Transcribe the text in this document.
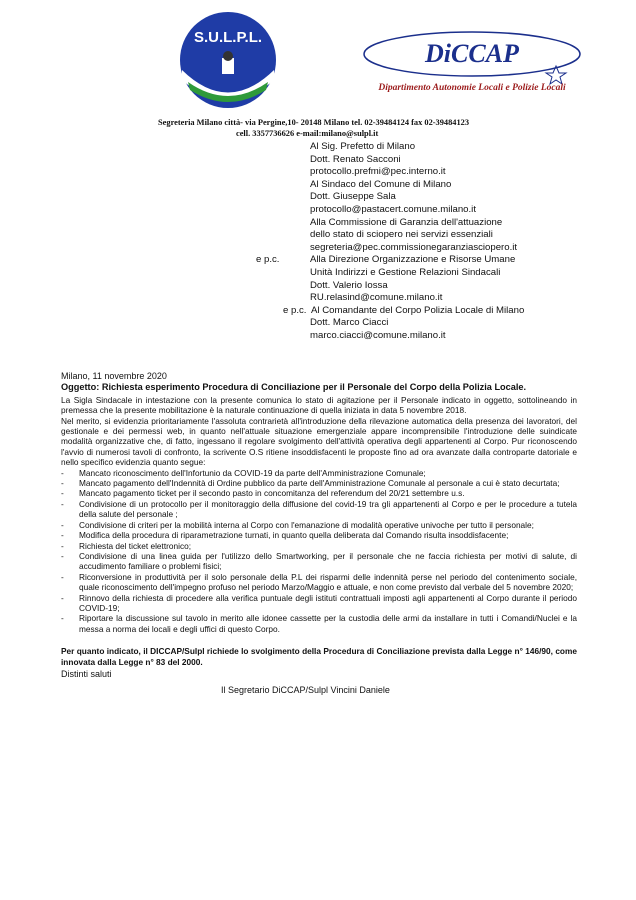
S.U.L.P.L.
DiCCAP
Dipartimento Autonomie Locali e Polizie Locali
Segreteria Milano città- via Pergine,10- 20148 Milano tel. 02-39484124 fax 02-39484123
cell. 3357736626 e-mail:milano@sulpl.it
Al Sig. Prefetto di Milano
Dott. Renato Sacconi
protocollo.prefmi@pec.interno.it
Al Sindaco del Comune di Milano
Dott. Giuseppe Sala
protocollo@pastacert.comune.milano.it
Alla Commissione di Garanzia dell'attuazione
dello stato di sciopero nei servizi essenziali
segreteria@pec.commissionegaranziasciopero.it
e p.c.	Alla Direzione Organizzazione e Risorse Umane
Unità Indirizzi e Gestione Relazioni Sindacali
Dott. Valerio Iossa
RU.relasind@comune.milano.it
e p.c. Al Comandante del Corpo Polizia Locale di Milano
Dott. Marco Ciacci
marco.ciacci@comune.milano.it
Milano, 11 novembre 2020
Oggetto: Richiesta esperimento Procedura di Conciliazione per il Personale del Corpo della Polizia Locale.

La Sigla Sindacale in intestazione con la presente comunica lo stato di agitazione per il Personale indicato in oggetto, sottolineando in premessa che la presente mobilitazione è la naturale continuazione di quella iniziata in data 5 novembre 2018.

Nel merito, si evidenzia prioritariamente l'assoluta contrarietà all'introduzione della rilevazione automatica della presenza dei lavoratori, del gestionale e dei permessi web, in quanto nell'attuale situazione emergenziale appare incomprensibile l'introduzione delle suindicate modalità organizzative che, di fatto, ingessano il regolare svolgimento dell'attività operativa degli appartenenti al Corpo. Pur riconoscendo l'avvio di numerosi tavoli di confronto, la scrivente O.S ritiene insoddisfacenti le proposte fino ad ora avanzate dalla controparte datoriale e nello specifico evidenzia quanto segue:

-	Mancato riconoscimento dell'Infortunio da COVID-19 da parte dell'Amministrazione Comunale;
-	Mancato pagamento dell'Indennità di Ordine pubblico da parte dell'Amministrazione Comunale al personale a cui è stato decurtata;
-	Mancato pagamento ticket per il secondo pasto in concomitanza del referendum del 20/21 settembre u.s.
-	Condivisione di un protocollo per il monitoraggio della diffusione del covid-19 tra gli appartenenti al Corpo e per le procedure a tutela della salute del personale ;
-	Condivisione di criteri per la mobilità interna al Corpo con l'emanazione di modalità operative univoche per tutto il personale;
-	Modifica della procedura di riparametrazione turnati, in quanto quella deliberata dal Comando risulta insoddisfacente;
-	Richiesta del ticket elettronico;
-	Condivisione di una linea guida per l'utilizzo dello Smartworking, per il personale che ne faccia richiesta per motivi di salute, di accudimento familiare o problemi fisici;
-	Riconversione in produttività per il solo personale della P.L dei risparmi delle indennità perse nel periodo del contenimento sociale, quale riconoscimento dell'impegno profuso nel periodo Marzo/Maggio e attuale, e non come previsto dal verbale del 5 novembre 2020;
-	Rinnovo della richiesta di procedere alla verifica puntuale degli istituti contrattuali imposti agli appartenenti al Corpo durante il periodo COVID-19;
-	Riportare la discussione sul tavolo in merito alle idonee cassette per la custodia delle armi da installare in tutti i Comandi/Nuclei e la messa a norma dei locali e degli uffici di questo Corpo.
Per quanto indicato, il DICCAP/Sulpl richiede lo svolgimento della Procedura di Conciliazione prevista dalla Legge n° 146/90, come innovata dalla Legge n° 83 del 2000.
Distinti saluti
Il Segretario DiCCAP/Sulpl Vincini Daniele
